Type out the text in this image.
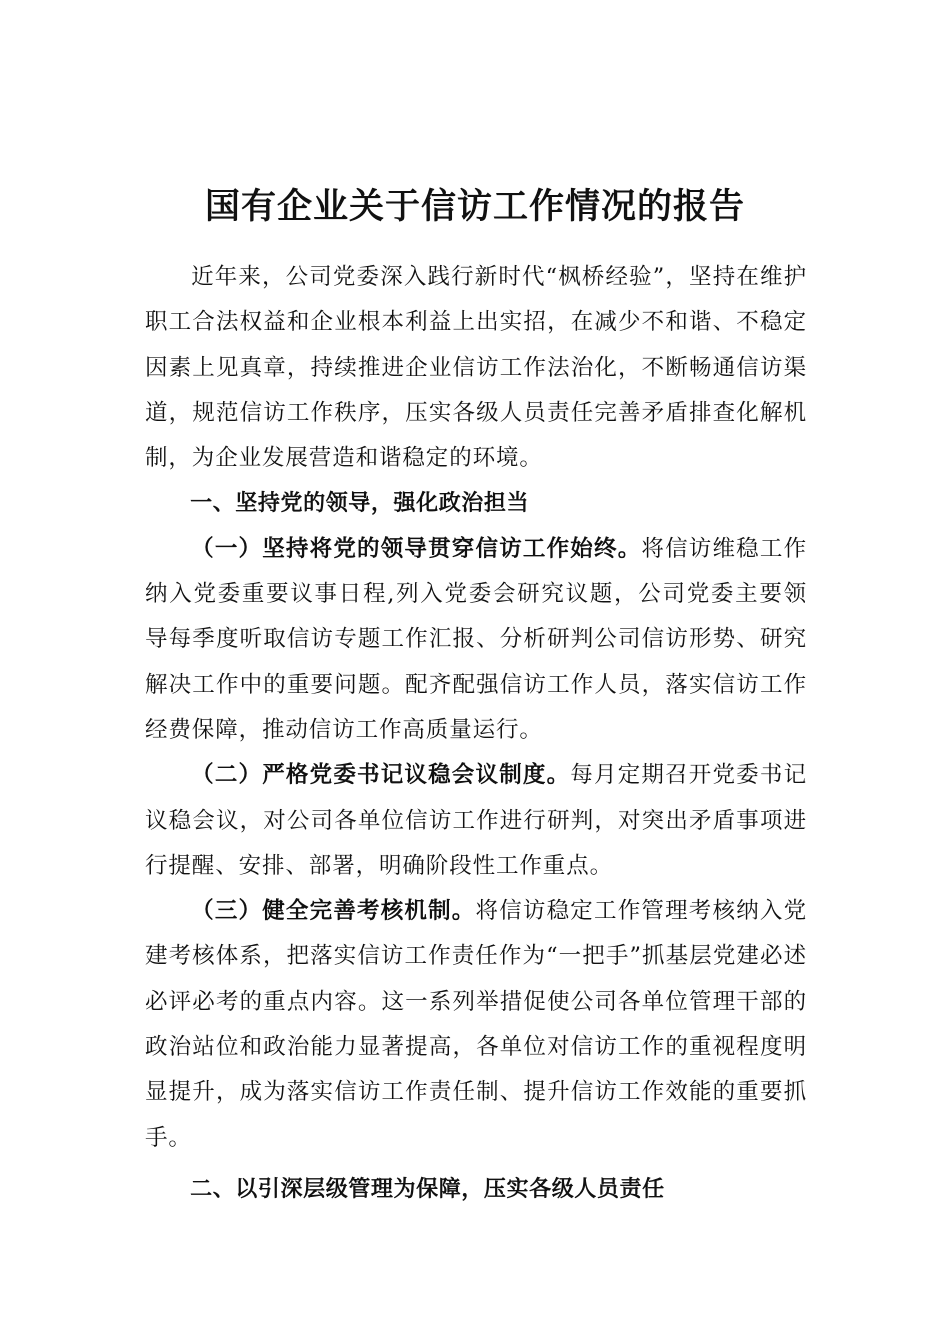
国有企业关于信访工作情况的报告

近年来，公司党委深入践行新时代“枫桥经验”，坚持在维护职工合法权益和企业根本利益上出实招，在减少不和谐、不稳定因素上见真章，持续推进企业信访工作法治化，不断畅通信访渠道，规范信访工作秩序，压实各级人员责任完善矛盾排查化解机制，为企业发展营造和谐稳定的环境。

一、坚持党的领导，强化政治担当

（一）坚持将党的领导贯穿信访工作始终。将信访维稳工作纳入党委重要议事日程,列入党委会研究议题，公司党委主要领导每季度听取信访专题工作汇报、分析研判公司信访形势、研究解决工作中的重要问题。配齐配强信访工作人员，落实信访工作经费保障，推动信访工作高质量运行。

（二）严格党委书记议稳会议制度。每月定期召开党委书记议稳会议，对公司各单位信访工作进行研判，对突出矛盾事项进行提醒、安排、部署，明确阶段性工作重点。

（三）健全完善考核机制。将信访稳定工作管理考核纳入党建考核体系，把落实信访工作责任作为“一把手”抓基层党建必述必评必考的重点内容。这一系列举措促使公司各单位管理干部的政治站位和政治能力显著提高，各单位对信访工作的重视程度明显提升，成为落实信访工作责任制、提升信访工作效能的重要抓手。

二、以引深层级管理为保障，压实各级人员责任
